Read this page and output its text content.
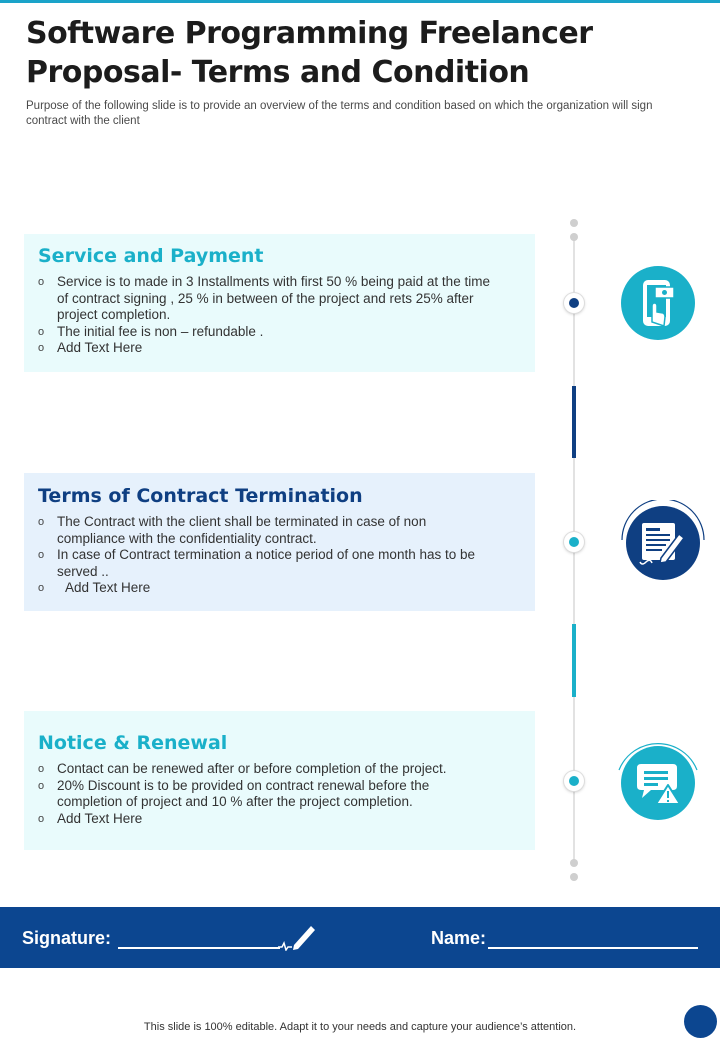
Software Programming Freelancer Proposal- Terms and Condition

Purpose of the following slide is to provide an overview of the terms and condition based on which the organization will sign contract with the client

Service and Payment
o Service is to made in 3 Installments with first 50 % being paid at the time of contract signing , 25 % in between of the project and rets 25% after project completion.
o The initial fee is non – refundable .
o Add Text Here
Terms of Contract Termination
o The Contract with the client shall be terminated in case of non compliance with the confidentiality contract.
o In case of Contract termination a notice period of one month has to be served ..
o Add Text Here
Notice & Renewal
o Contact can be renewed after or before completion of the project.
o 20% Discount is to be provided on contract renewal before the completion of project and 10 % after the project completion.
o Add Text Here
Signature:	Name:
This slide is 100% editable. Adapt it to your needs and capture your audience’s attention.
